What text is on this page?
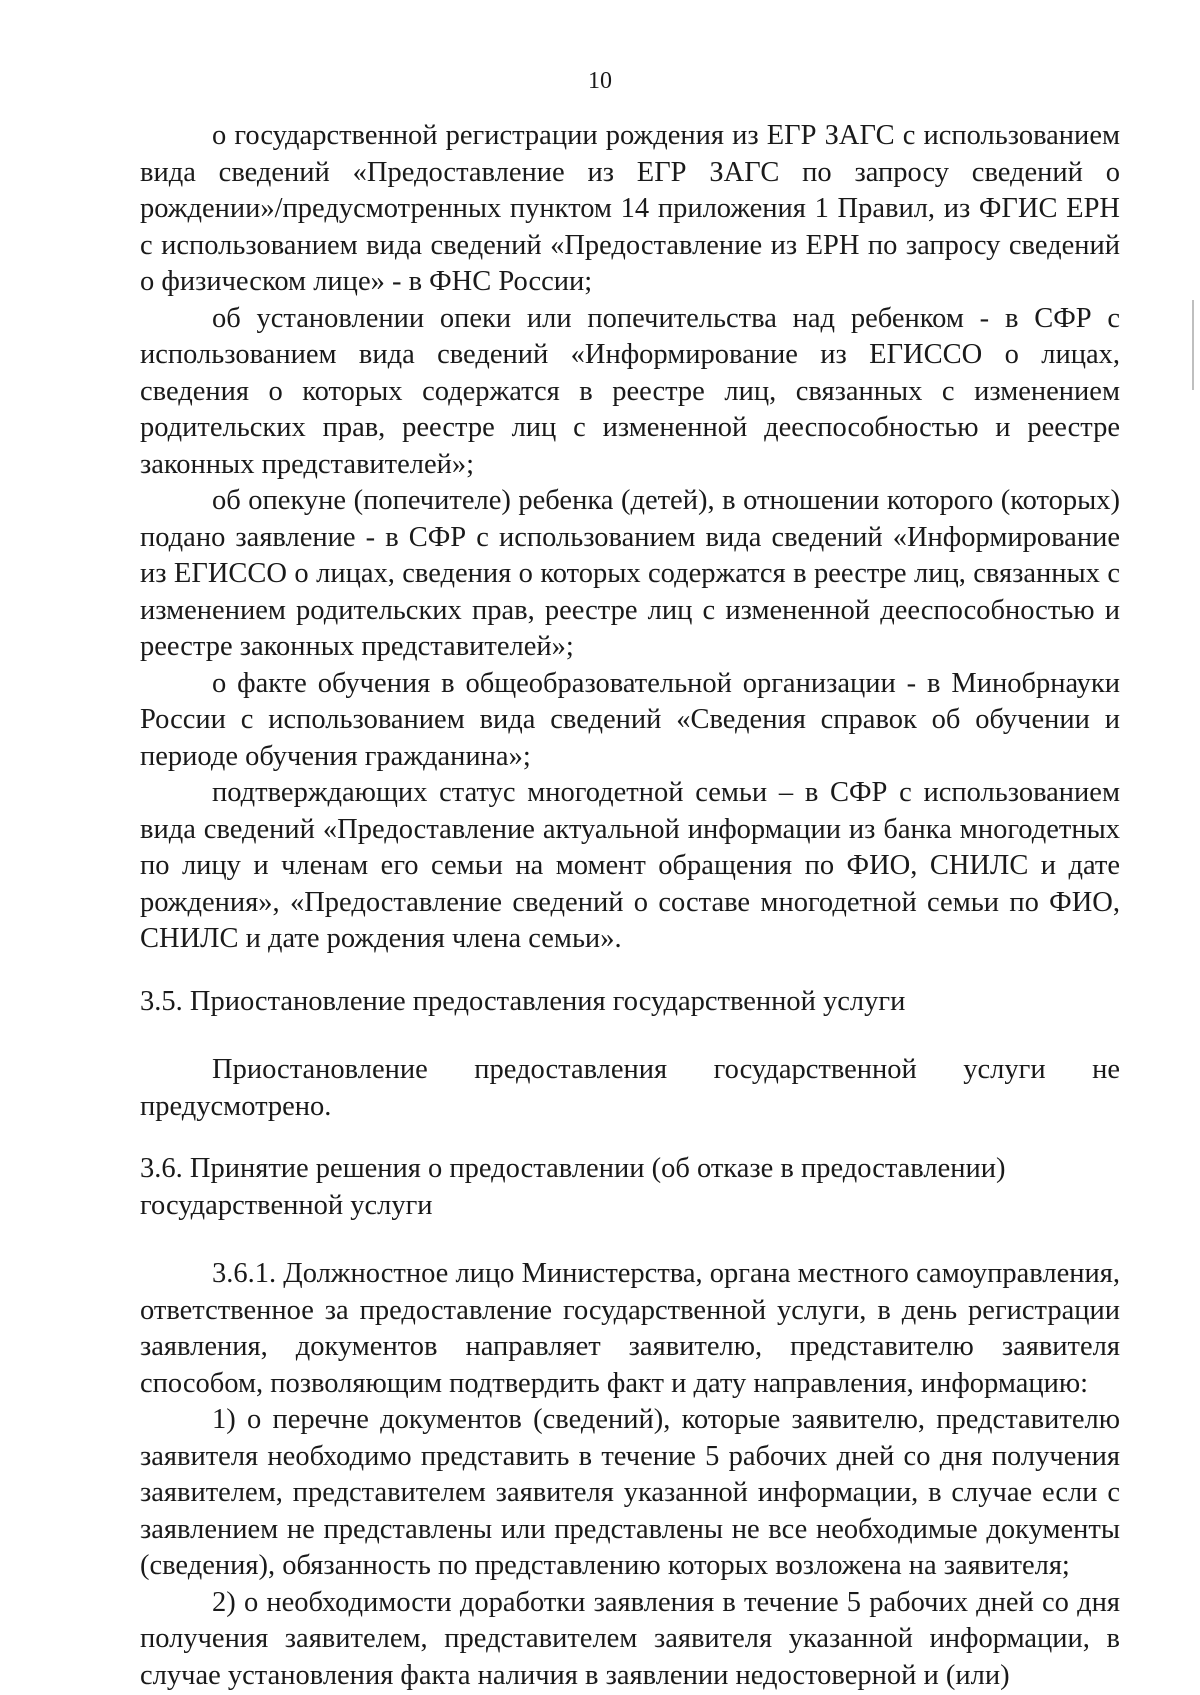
10

о государственной регистрации рождения из ЕГР ЗАГС с использованием вида сведений «Предоставление из ЕГР ЗАГС по запросу сведений о рождении»/предусмотренных пунктом 14 приложения 1 Правил, из ФГИС ЕРН с использованием вида сведений «Предоставление из ЕРН по запросу сведений о физическом лице» - в ФНС России;

об установлении опеки или попечительства над ребенком - в СФР с использованием вида сведений «Информирование из ЕГИССО о лицах, сведения о которых содержатся в реестре лиц, связанных с изменением родительских прав, реестре лиц с измененной дееспособностью и реестре законных представителей»;

об опекуне (попечителе) ребенка (детей), в отношении которого (которых) подано заявление - в СФР с использованием вида сведений «Информирование из ЕГИССО о лицах, сведения о которых содержатся в реестре лиц, связанных с изменением родительских прав, реестре лиц с измененной дееспособностью и реестре законных представителей»;

о факте обучения в общеобразовательной организации - в Минобрнауки России с использованием вида сведений «Сведения справок об обучении и периоде обучения гражданина»;

подтверждающих статус многодетной семьи – в СФР с использованием вида сведений «Предоставление актуальной информации из банка многодетных по лицу и членам его семьи на момент обращения по ФИО, СНИЛС и дате рождения», «Предоставление сведений о составе многодетной семьи по ФИО, СНИЛС и дате рождения члена семьи».

3.5. Приостановление предоставления государственной услуги

Приостановление предоставления государственной услуги не предусмотрено.

3.6. Принятие решения о предоставлении (об отказе в предоставлении)

государственной услуги

3.6.1. Должностное лицо Министерства, органа местного самоуправления, ответственное за предоставление государственной услуги, в день регистрации заявления, документов направляет заявителю, представителю заявителя способом, позволяющим подтвердить факт и дату направления, информацию:

1) о перечне документов (сведений), которые заявителю, представителю заявителя необходимо представить в течение 5 рабочих дней со дня получения заявителем, представителем заявителя указанной информации, в случае если с заявлением не представлены или представлены не все необходимые документы (сведения), обязанность по представлению которых возложена на заявителя;

2) о необходимости доработки заявления в течение 5 рабочих дней со дня получения заявителем, представителем заявителя указанной информации, в случае установления факта наличия в заявлении недостоверной и (или)
